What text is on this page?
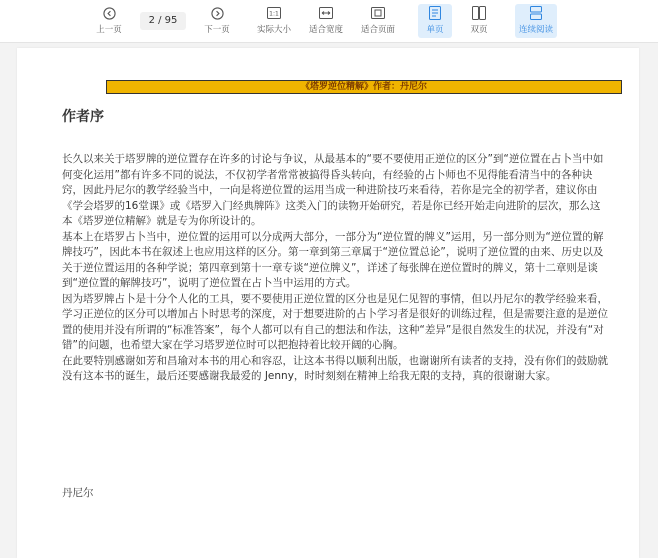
上一页
2 / 95
下一页
1:1
实际大小 适合宽度 适合页面	单页	双页	连续阅读
《塔罗逆位精解》作者：丹尼尔
作者序

长久以来关于塔罗牌的逆位置存在许多的讨论与争议，从最基本的“要不要使用正逆位的区分”到“逆位置在占卜当中如何变化运用”都有许多不同的说法，不仅初学者常常被搞得昏头转向，有经验的占卜师也不见得能看清当中的各种诀窍，因此丹尼尔的教学经验当中，一向是将逆位置的运用当成一种进阶技巧来看待，若你是完全的初学者，建议你由《学会塔罗的16堂课》或《塔罗入门经典牌阵》这类入门的读物开始研究，若是你已经开始走向进阶的层次，那么这本《塔罗逆位精解》就是专为你所设计的。

基本上在塔罗占卜当中，逆位置的运用可以分成两大部分，一部分为“逆位置的牌义”运用，另一部分则为“逆位置的解牌技巧”，因此本书在叙述上也应用这样的区分。第一章到第三章属于“逆位置总论”，说明了逆位置的由来、历史以及关于逆位置运用的各种学说；第四章到第十一章专谈“逆位牌义”，详述了每张牌在逆位置时的牌义，第十二章则是谈到“逆位置的解牌技巧”，说明了逆位置在占卜当中运用的方式。

因为塔罗牌占卜是十分个人化的工具，要不要使用正逆位置的区分也是见仁见智的事情，但以丹尼尔的教学经验来看，学习正逆位的区分可以增加占卜时思考的深度，对于想要进阶的占卜学习者是很好的训练过程，但是需要注意的是逆位置的使用并没有所谓的“标准答案”，每个人都可以有自己的想法和作法，这种“差异”是很自然发生的状况，并没有“对错”的问题，也希望大家在学习塔罗逆位时可以把抱持着比较开阔的心胸。

在此要特别感谢如芳和昌瑜对本书的用心和容忍，让这本书得以顺利出版，也谢谢所有读者的支持，没有你们的鼓励就没有这本书的诞生，最后还要感谢我最爱的 Jenny，时时刻刻在精神上给我无限的支持，真的很谢谢大家。

丹尼尔
